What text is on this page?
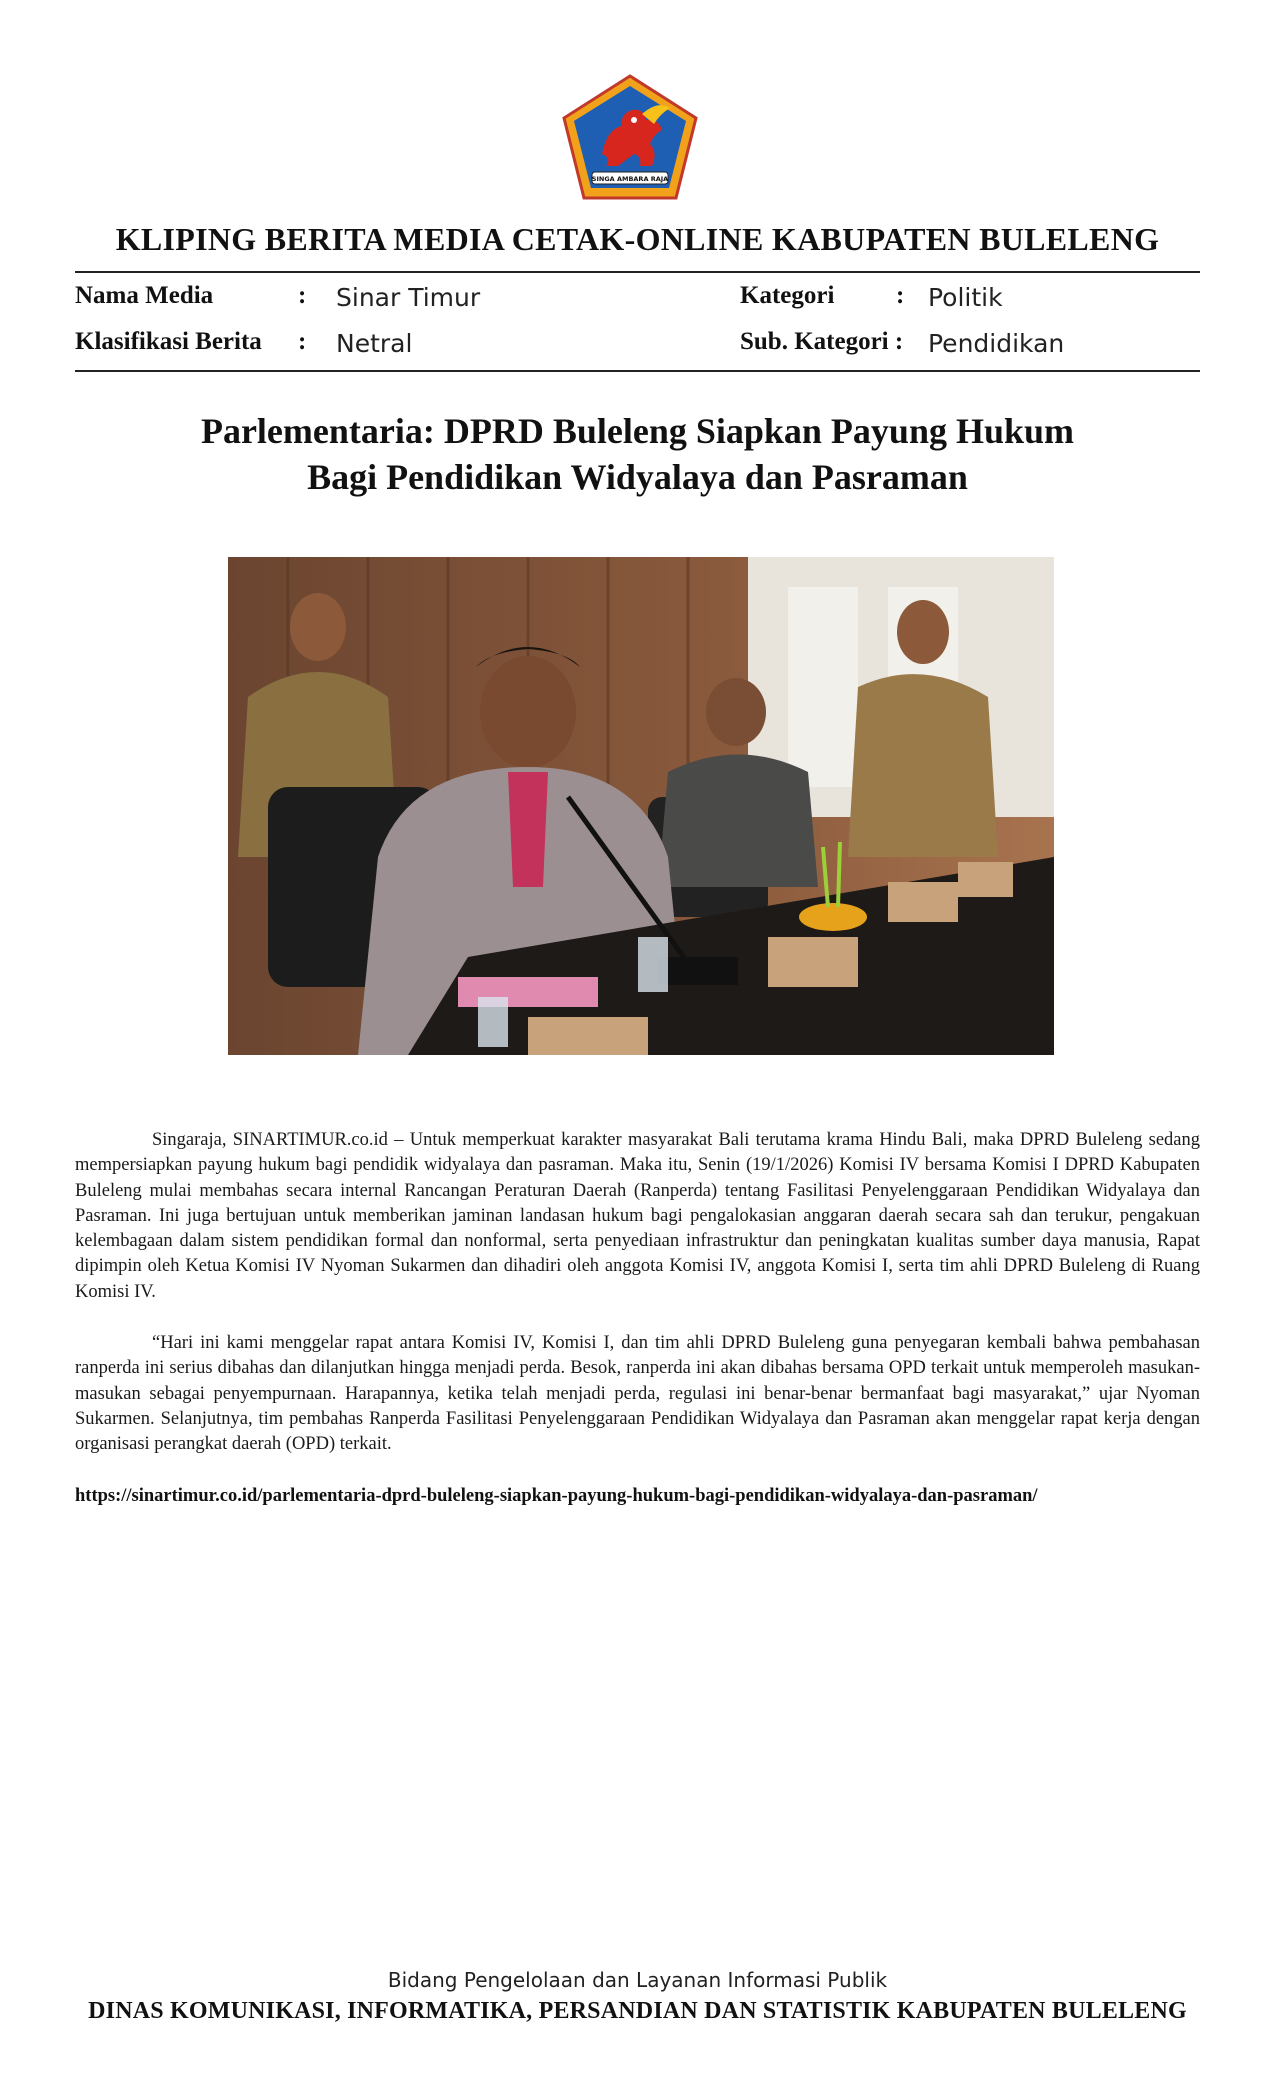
SINGA AMBARA RAJA
KLIPING BERITA MEDIA CETAK-ONLINE KABUPATEN BULELENG
Nama Media	: Sinar Timur	Kategori : Politik
Klasifikasi Berita : Netral	Sub. Kategori : Pendidikan
Parlementaria: DPRD Buleleng Siapkan Payung Hukum
Bagi Pendidikan Widyalaya dan Pasraman

Singaraja, SINARTIMUR.co.id – Untuk memperkuat karakter masyarakat Bali terutama krama Hindu Bali, maka DPRD Buleleng sedang mempersiapkan payung hukum bagi pendidik widyalaya dan pasraman. Maka itu, Senin (19/1/2026) Komisi IV bersama Komisi I DPRD Kabupaten Buleleng mulai membahas secara internal Rancangan Peraturan Daerah (Ranperda) tentang Fasilitasi Penyelenggaraan Pendidikan Widyalaya dan Pasraman. Ini juga bertujuan untuk memberikan jaminan landasan hukum bagi pengalokasian anggaran daerah secara sah dan terukur, pengakuan kelembagaan dalam sistem pendidikan formal dan nonformal, serta penyediaan infrastruktur dan peningkatan kualitas sumber daya manusia, Rapat dipimpin oleh Ketua Komisi IV Nyoman Sukarmen dan dihadiri oleh anggota Komisi IV, anggota Komisi I, serta tim ahli DPRD Buleleng di Ruang Komisi IV.

“Hari ini kami menggelar rapat antara Komisi IV, Komisi I, dan tim ahli DPRD Buleleng guna penyegaran kembali bahwa pembahasan ranperda ini serius dibahas dan dilanjutkan hingga menjadi perda. Besok, ranperda ini akan dibahas bersama OPD terkait untuk memperoleh masukan-masukan sebagai penyempurnaan. Harapannya, ketika telah menjadi perda, regulasi ini benar-benar bermanfaat bagi masyarakat,” ujar Nyoman Sukarmen. Selanjutnya, tim pembahas Ranperda Fasilitasi Penyelenggaraan Pendidikan Widyalaya dan Pasraman akan menggelar rapat kerja dengan organisasi perangkat daerah (OPD) terkait.

https://sinartimur.co.id/parlementaria-dprd-buleleng-siapkan-payung-hukum-bagi-pendidikan-widyalaya-dan-pasraman/
Bidang Pengelolaan dan Layanan Informasi Publik
DINAS KOMUNIKASI, INFORMATIKA, PERSANDIAN DAN STATISTIK KABUPATEN BULELENG
